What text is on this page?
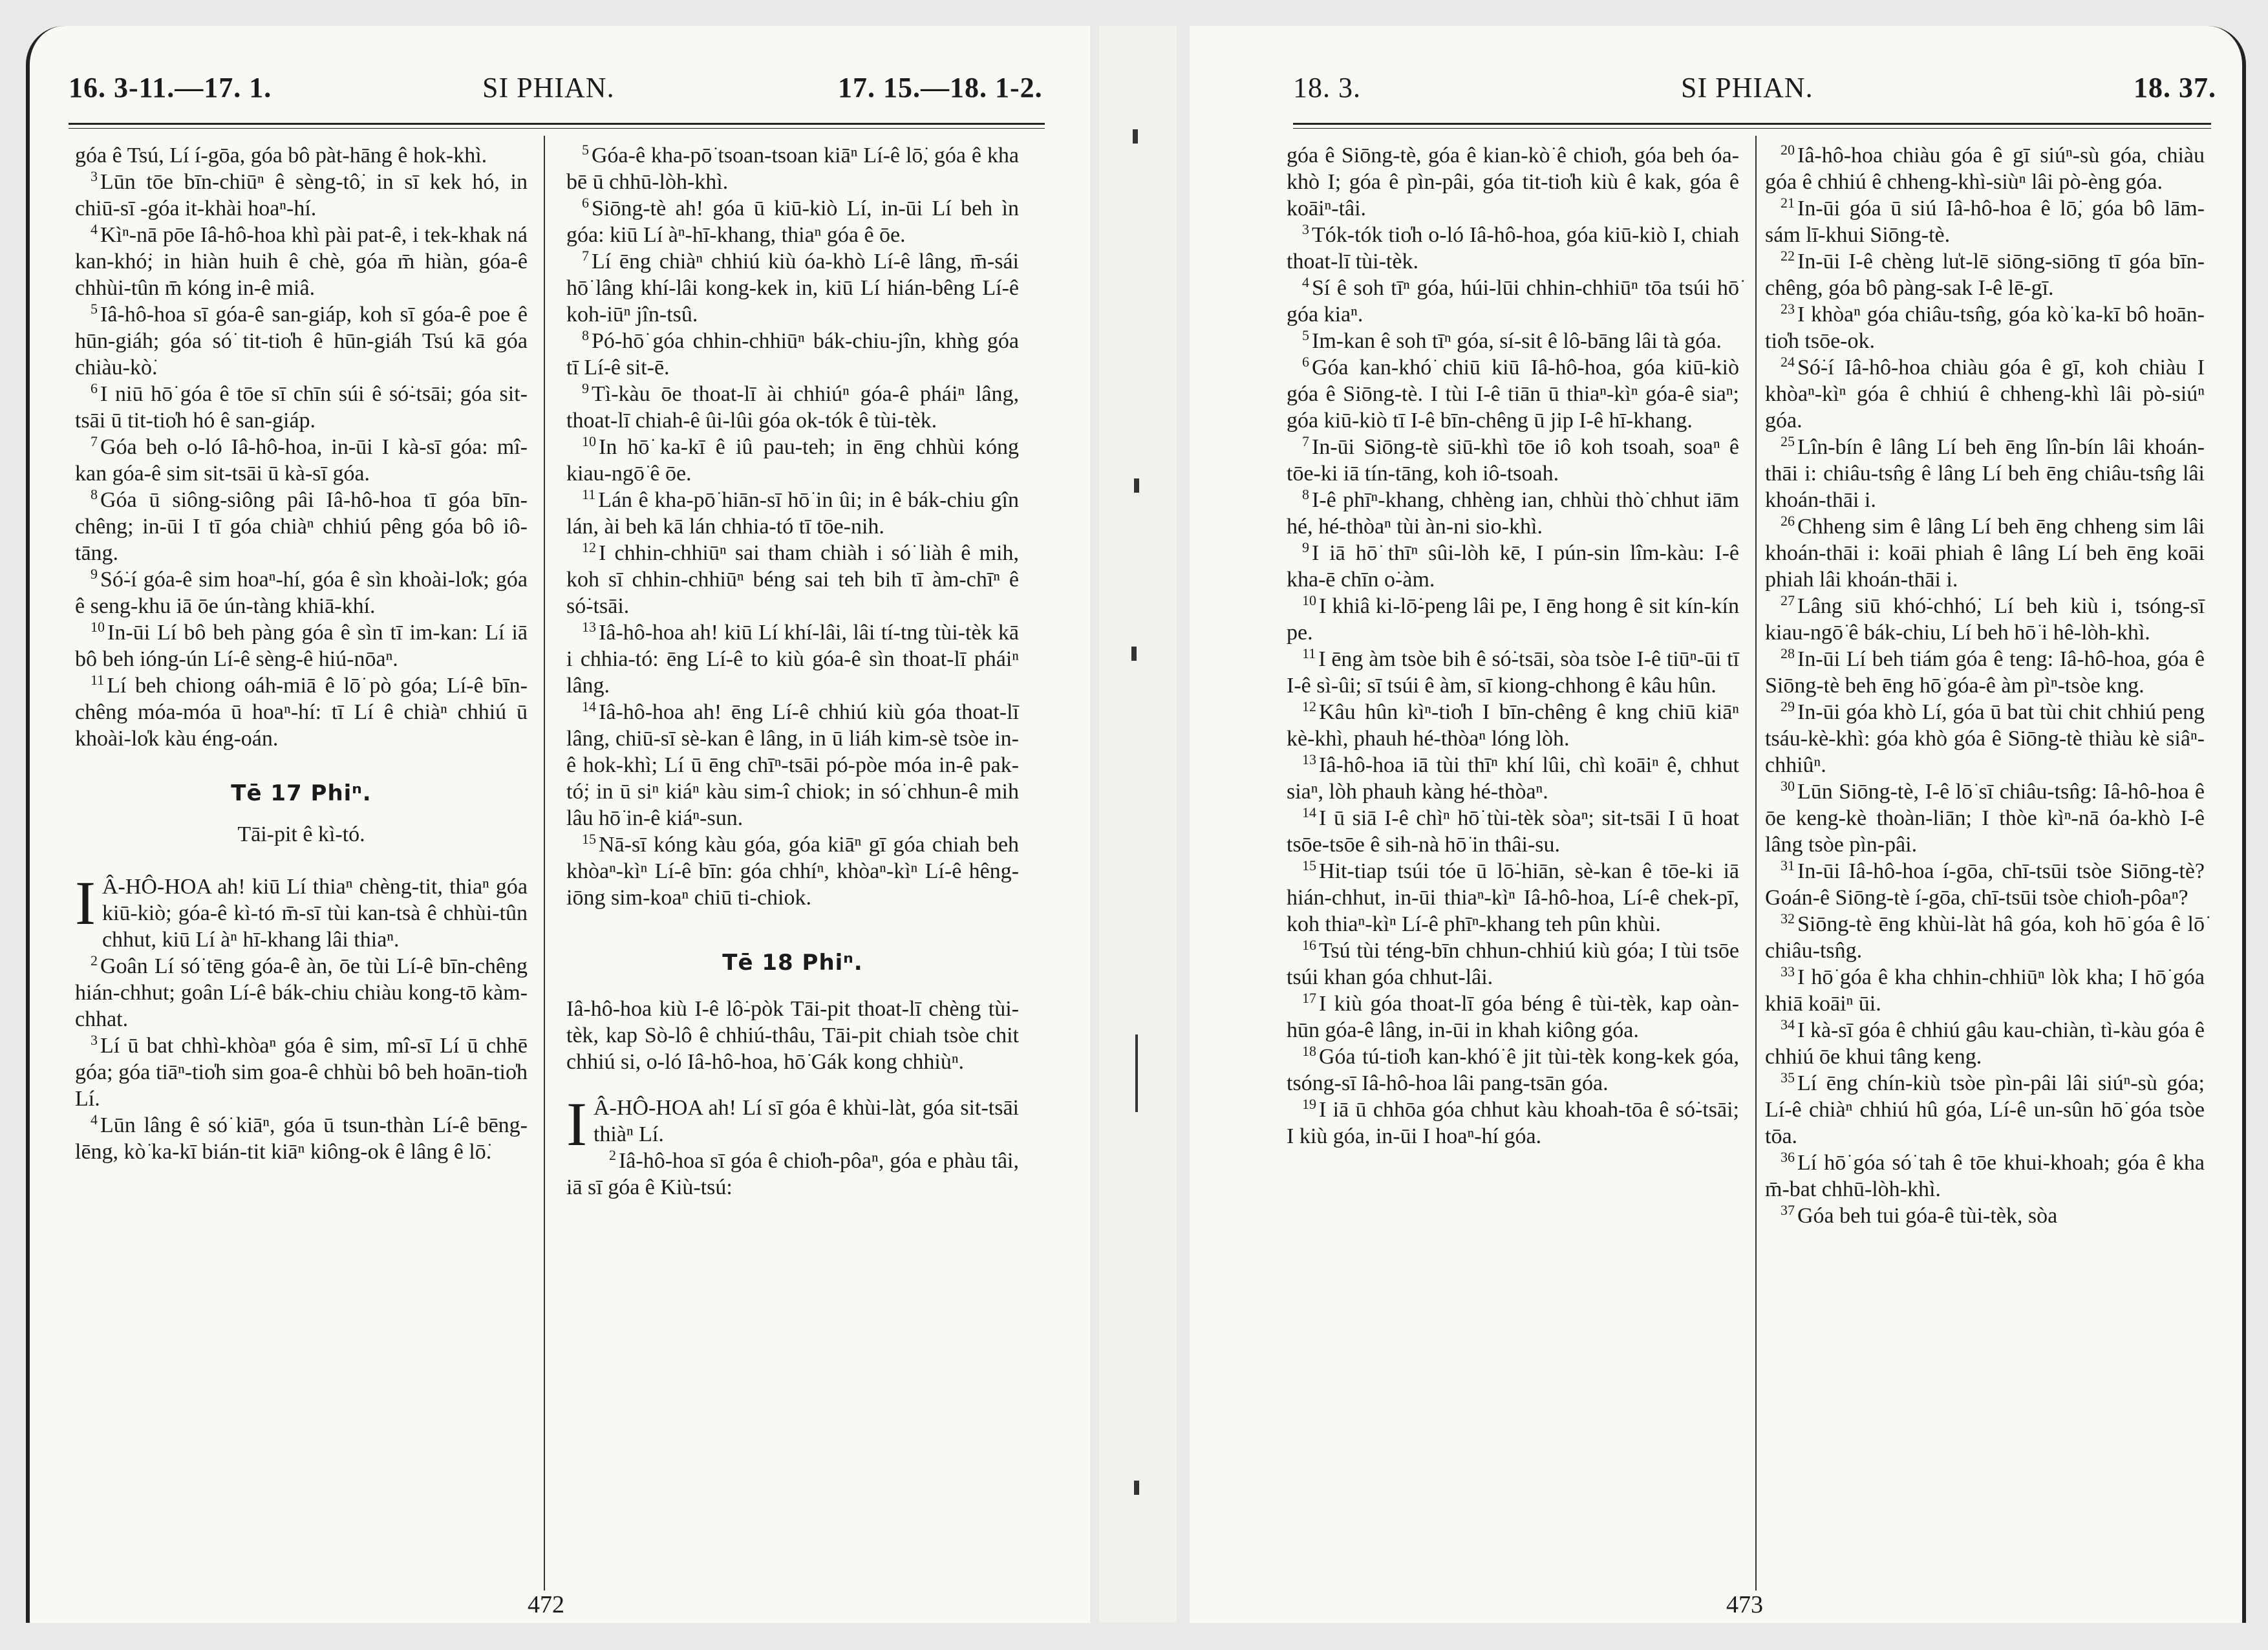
16. 3-11.—17. 1.	SI PHIAN.	17. 15.—18. 1-2.

góa ê Tsú, Lí í-gōa, góa bô pàt-hāng ê hok-khì.

$^3$ Lūn tōe bīn-chiūⁿ ê sèng-tô͘, in sī kek hó, in chiū-sī -góa it-khài hoaⁿ-hí.

$^4$ Kìⁿ-nā pōe Iâ-hô-hoa khì pài pat-ê, i tek-khak ná kan-khó͘; in hiàn huih ê chè, góa m̄ hiàn, góa-ê chhùi-tûn m̄ kóng in-ê miâ.

$^5$ Iâ-hô-hoa sī góa-ê san-giáp, koh sī góa-ê poe ê hūn-giáh; góa só͘ tit-tio̍h ê hūn-giáh Tsú kā góa chiàu-kò͘.

$^6$ I niū hō͘ góa ê tōe sī chīn súi ê só͘-tsāi; góa sit-tsāi ū tit-tio̍h hó ê san-giáp.

$^7$ Góa beh o-ló Iâ-hô-hoa, in-ūi I kà-sī góa: mî-kan góa-ê sim sit-tsāi ū kà-sī góa.

$^8$ Góa ū siông-siông pâi Iâ-hô-hoa tī góa bīn-chêng; in-ūi I tī góa chiàⁿ chhiú pêng góa bô iô-tāng.

$^9$ Só͘-í góa-ê sim hoaⁿ-hí, góa ê sìn khoài-lo̍k; góa ê seng-khu iā ōe ún-tàng khiā-khí.

$^{10}$ In-ūi Lí bô beh pàng góa ê sìn tī im-kan: Lí iā bô beh ióng-ún Lí-ê sèng-ê hiú-nōaⁿ.

$^{11}$ Lí beh chiong oáh-miā ê lō͘ pò góa; Lí-ê bīn-chêng móa-móa ū hoaⁿ-hí: tī Lí ê chiàⁿ chhiú ū khoài-lo̍k kàu éng-oán.

Tē 17 Phiⁿ.
Tāi-pit ê kì-tó.

I Â-HÔ-HOA ah! kiū Lí thiaⁿ chèng-tit, thiaⁿ góa kiū-kiò; góa-ê kì-tó m̄-sī tùi kan-tsà ê chhùi-tûn chhut, kiū Lí àⁿ hī-khang lâi thiaⁿ.

$^2$ Goân Lí só͘ tēng góa-ê àn, ōe tùi Lí-ê bīn-chêng hián-chhut; goân Lí-ê bák-chiu chiàu kong-tō kàm-chhat.

$^3$ Lí ū bat chhì-khòaⁿ góa ê sim, mî-sī Lí ū chhē góa; góa tiāⁿ-tio̍h sim goa-ê chhùi bô beh hoān-tio̍h Lí.

$^4$ Lūn lâng ê só͘ kiāⁿ, góa ū tsun-thàn Lí-ê bēng-lēng, kò͘ ka-kī bián-tit kiāⁿ kiông-ok ê lâng ê lō͘.

$^5$ Góa-ê kha-pō͘ tsoan-tsoan kiāⁿ Lí-ê lō͘, góa ê kha bē ū chhū-lòh-khì.

$^6$ Siōng-tè ah! góa ū kiū-kiò Lí, in-ūi Lí beh ìn góa: kiū Lí àⁿ-hī-khang, thiaⁿ góa ê ōe.

$^7$ Lí ēng chiàⁿ chhiú kiù óa-khò Lí-ê lâng, m̄-sái hō͘ lâng khí-lâi kong-kek in, kiū Lí hián-bêng Lí-ê koh-iūⁿ jîn-tsû.

$^8$ Pó-hō͘ góa chhin-chhiūⁿ bák-chiu-jîn, khǹg góa tī Lí-ê sit-ē.

$^9$ Tì-kàu ōe thoat-lī ài chhiúⁿ góa-ê pháiⁿ lâng, thoat-lī chiah-ê ûi-lûi góa ok-tók ê tùi-tèk.

$^{10}$ In hō͘ ka-kī ê iû pau-teh; in ēng chhùi kóng kiau-ngō͘ ê ōe.

$^{11}$ Lán ê kha-pō͘ hiān-sī hō͘ in ûi; in ê bák-chiu gîn lán, ài beh kā lán chhia-tó tī tōe-nih.

$^{12}$ I chhin-chhiūⁿ sai tham chiàh i só͘ liàh ê mih, koh sī chhin-chhiūⁿ béng sai teh bih tī àm-chīⁿ ê só͘-tsāi.

$^{13}$ Iâ-hô-hoa ah! kiū Lí khí-lâi, lâi tí-tng tùi-tèk kā i chhia-tó: ēng Lí-ê to kiù góa-ê sìn thoat-lī pháiⁿ lâng.

$^{14}$ Iâ-hô-hoa ah! ēng Lí-ê chhiú kiù góa thoat-lī lâng, chiū-sī sè-kan ê lâng, in ū liáh kim-sè tsòe in-ê hok-khì; Lí ū ēng chīⁿ-tsāi pó-pòe móa in-ê pak-tó͘; in ū siⁿ kiáⁿ kàu sim-î chiok; in só͘ chhun-ê mih lâu hō͘ in-ê kiáⁿ-sun.

$^{15}$ Nā-sī kóng kàu góa, góa kiāⁿ gī góa chiah beh khòaⁿ-kìⁿ Lí-ê bīn: góa chhíⁿ, khòaⁿ-kìⁿ Lí-ê hêng-iōng sim-koaⁿ chiū ti-chiok.

Tē 18 Phiⁿ.

Iâ-hô-hoa kiù I-ê lô͘-pòk Tāi-pit thoat-lī chèng tùi-tèk, kap Sò-lô ê chhiú-thâu, Tāi-pit chiah tsòe chit chhiú si, o-ló Iâ-hô-hoa, hō͘ Gák kong chhiùⁿ.

I Â-HÔ-HOA ah! Lí sī góa ê khùi-làt, góa sit-tsāi thiàⁿ Lí.

$^2$ Iâ-hô-hoa sī góa ê chio̍h-pôaⁿ, góa e phàu tâi, iā sī góa ê Kiù-tsú:

472
18. 3.	SI PHIAN.	18. 37.

góa ê Siōng-tè, góa ê kian-kò͘ ê chio̍h, góa beh óa-khò I; góa ê pìn-pâi, góa tit-tio̍h kiù ê kak, góa ê koāiⁿ-tâi.

$^3$ Tók-tók tio̍h o-ló Iâ-hô-hoa, góa kiū-kiò I, chiah thoat-lī tùi-tèk.

$^4$ Sí ê soh tīⁿ góa, húi-lūi chhin-chhiūⁿ tōa tsúi hō͘ góa kiaⁿ.

$^5$ Im-kan ê soh tīⁿ góa, sí-sit ê lô-bāng lâi tà góa.

$^6$ Góa kan-khó͘ chiū kiū Iâ-hô-hoa, góa kiū-kiò góa ê Siōng-tè. I tùi I-ê tiān ū thiaⁿ-kìⁿ góa-ê siaⁿ; góa kiū-kiò tī I-ê bīn-chêng ū jip I-ê hī-khang.

$^7$ In-ūi Siōng-tè siū-khì tōe iô koh tsoah, soaⁿ ê tōe-ki iā tín-tāng, koh iô-tsoah.

$^8$ I-ê phīⁿ-khang, chhèng ian, chhùi thò͘ chhut iām hé, hé-thòaⁿ tùi àn-ni sio-khì.

$^9$ I iā hō͘ thīⁿ sûi-lòh kē, I pún-sin lîm-kàu: I-ê kha-ē chīn o͘-àm.

$^{10}$ I khiâ ki-lō͘-peng lâi pe, I ēng hong ê sit kín-kín pe.

$^{11}$ I ēng àm tsòe bih ê só͘-tsāi, sòa tsòe I-ê tiūⁿ-ūi tī I-ê sì-ûi; sī tsúi ê àm, sī kiong-chhong ê kâu hûn.

$^{12}$ Kâu hûn kìⁿ-tio̍h I bīn-chêng ê kng chiū kiāⁿ kè-khì, phauh hé-thòaⁿ lóng lòh.

$^{13}$ Iâ-hô-hoa iā tùi thīⁿ khí lûi, chì koāiⁿ ê, chhut siaⁿ, lòh phauh kàng hé-thòaⁿ.

$^{14}$ I ū siā I-ê chìⁿ hō͘ tùi-tèk sòaⁿ; sit-tsāi I ū hoat tsōe-tsōe ê sih-nà hō͘ in thâi-su.

$^{15}$ Hit-tiap tsúi tóe ū lō͘-hiān, sè-kan ê tōe-ki iā hián-chhut, in-ūi thiaⁿ-kìⁿ Iâ-hô-hoa, Lí-ê chek-pī, koh thiaⁿ-kìⁿ Lí-ê phīⁿ-khang teh pûn khùi.

$^{16}$ Tsú tùi téng-bīn chhun-chhiú kiù góa; I tùi tsōe tsúi khan góa chhut-lâi.

$^{17}$ I kiù góa thoat-lī góa béng ê tùi-tèk, kap oàn-hūn góa-ê lâng, in-ūi in khah kiông góa.

$^{18}$ Góa tú-tio̍h kan-khó͘ ê jit tùi-tèk kong-kek góa, tsóng-sī Iâ-hô-hoa lâi pang-tsān góa.

$^{19}$ I iā ū chhōa góa chhut kàu khoah-tōa ê só͘-tsāi; I kiù góa, in-ūi I hoaⁿ-hí góa.

$^{20}$ Iâ-hô-hoa chiàu góa ê gī siúⁿ-sù góa, chiàu góa ê chhiú ê chheng-khì-siùⁿ lâi pò-èng góa.

$^{21}$ In-ūi góa ū siú Iâ-hô-hoa ê lō͘, góa bô lām-sám lī-khui Siōng-tè.

$^{22}$ In-ūi I-ê chèng lu̍t-lē siōng-siōng tī góa bīn-chêng, góa bô pàng-sak I-ê lē-gī.

$^{23}$ I khòaⁿ góa chiâu-tsn̂g, góa kò͘ ka-kī bô hoān-tio̍h tsōe-ok.

$^{24}$ Só͘-í Iâ-hô-hoa chiàu góa ê gī, koh chiàu I khòaⁿ-kìⁿ góa ê chhiú ê chheng-khì lâi pò-siúⁿ góa.

$^{25}$ Lîn-bín ê lâng Lí beh ēng lîn-bín lâi khoán-thāi i: chiâu-tsn̂g ê lâng Lí beh ēng chiâu-tsn̂g lâi khoán-thāi i.

$^{26}$ Chheng sim ê lâng Lí beh ēng chheng sim lâi khoán-thāi i: koāi phiah ê lâng Lí beh ēng koāi phiah lâi khoán-thāi i.

$^{27}$ Lâng siū khó͘-chhó͘, Lí beh kiù i, tsóng-sī kiau-ngō͘ ê bák-chiu, Lí beh hō͘ i hê-lòh-khì.

$^{28}$ In-ūi Lí beh tiám góa ê teng: Iâ-hô-hoa, góa ê Siōng-tè beh ēng hō͘ góa-ê àm pìⁿ-tsòe kng.

$^{29}$ In-ūi góa khò Lí, góa ū bat tùi chit chhiú peng tsáu-kè-khì: góa khò góa ê Siōng-tè thiàu kè siâⁿ-chhiûⁿ.

$^{30}$ Lūn Siōng-tè, I-ê lō͘ sī chiâu-tsn̂g: Iâ-hô-hoa ê ōe keng-kè thoàn-liān; I thòe kìⁿ-nā óa-khò I-ê lâng tsòe pìn-pâi.

$^{31}$ In-ūi Iâ-hô-hoa í-gōa, chī-tsūi tsòe Siōng-tè? Goán-ê Siōng-tè í-gōa, chī-tsūi tsòe chio̍h-pôaⁿ?

$^{32}$ Siōng-tè ēng khùi-làt hâ góa, koh hō͘ góa ê lō͘ chiâu-tsn̂g.

$^{33}$ I hō͘ góa ê kha chhin-chhiūⁿ lòk kha; I hō͘ góa khiā koāiⁿ ūi.

$^{34}$ I kà-sī góa ê chhiú gâu kau-chiàn, tì-kàu góa ê chhiú ōe khui tâng keng.

$^{35}$ Lí ēng chín-kiù tsòe pìn-pâi lâi siúⁿ-sù góa; Lí-ê chiàⁿ chhiú hû góa, Lí-ê un-sûn hō͘ góa tsòe tōa.

$^{36}$ Lí hō͘ góa só͘ tah ê tōe khui-khoah; góa ê kha m̄-bat chhū-lòh-khì.

$^{37}$ Góa beh tui góa-ê tùi-tèk, sòa

473
